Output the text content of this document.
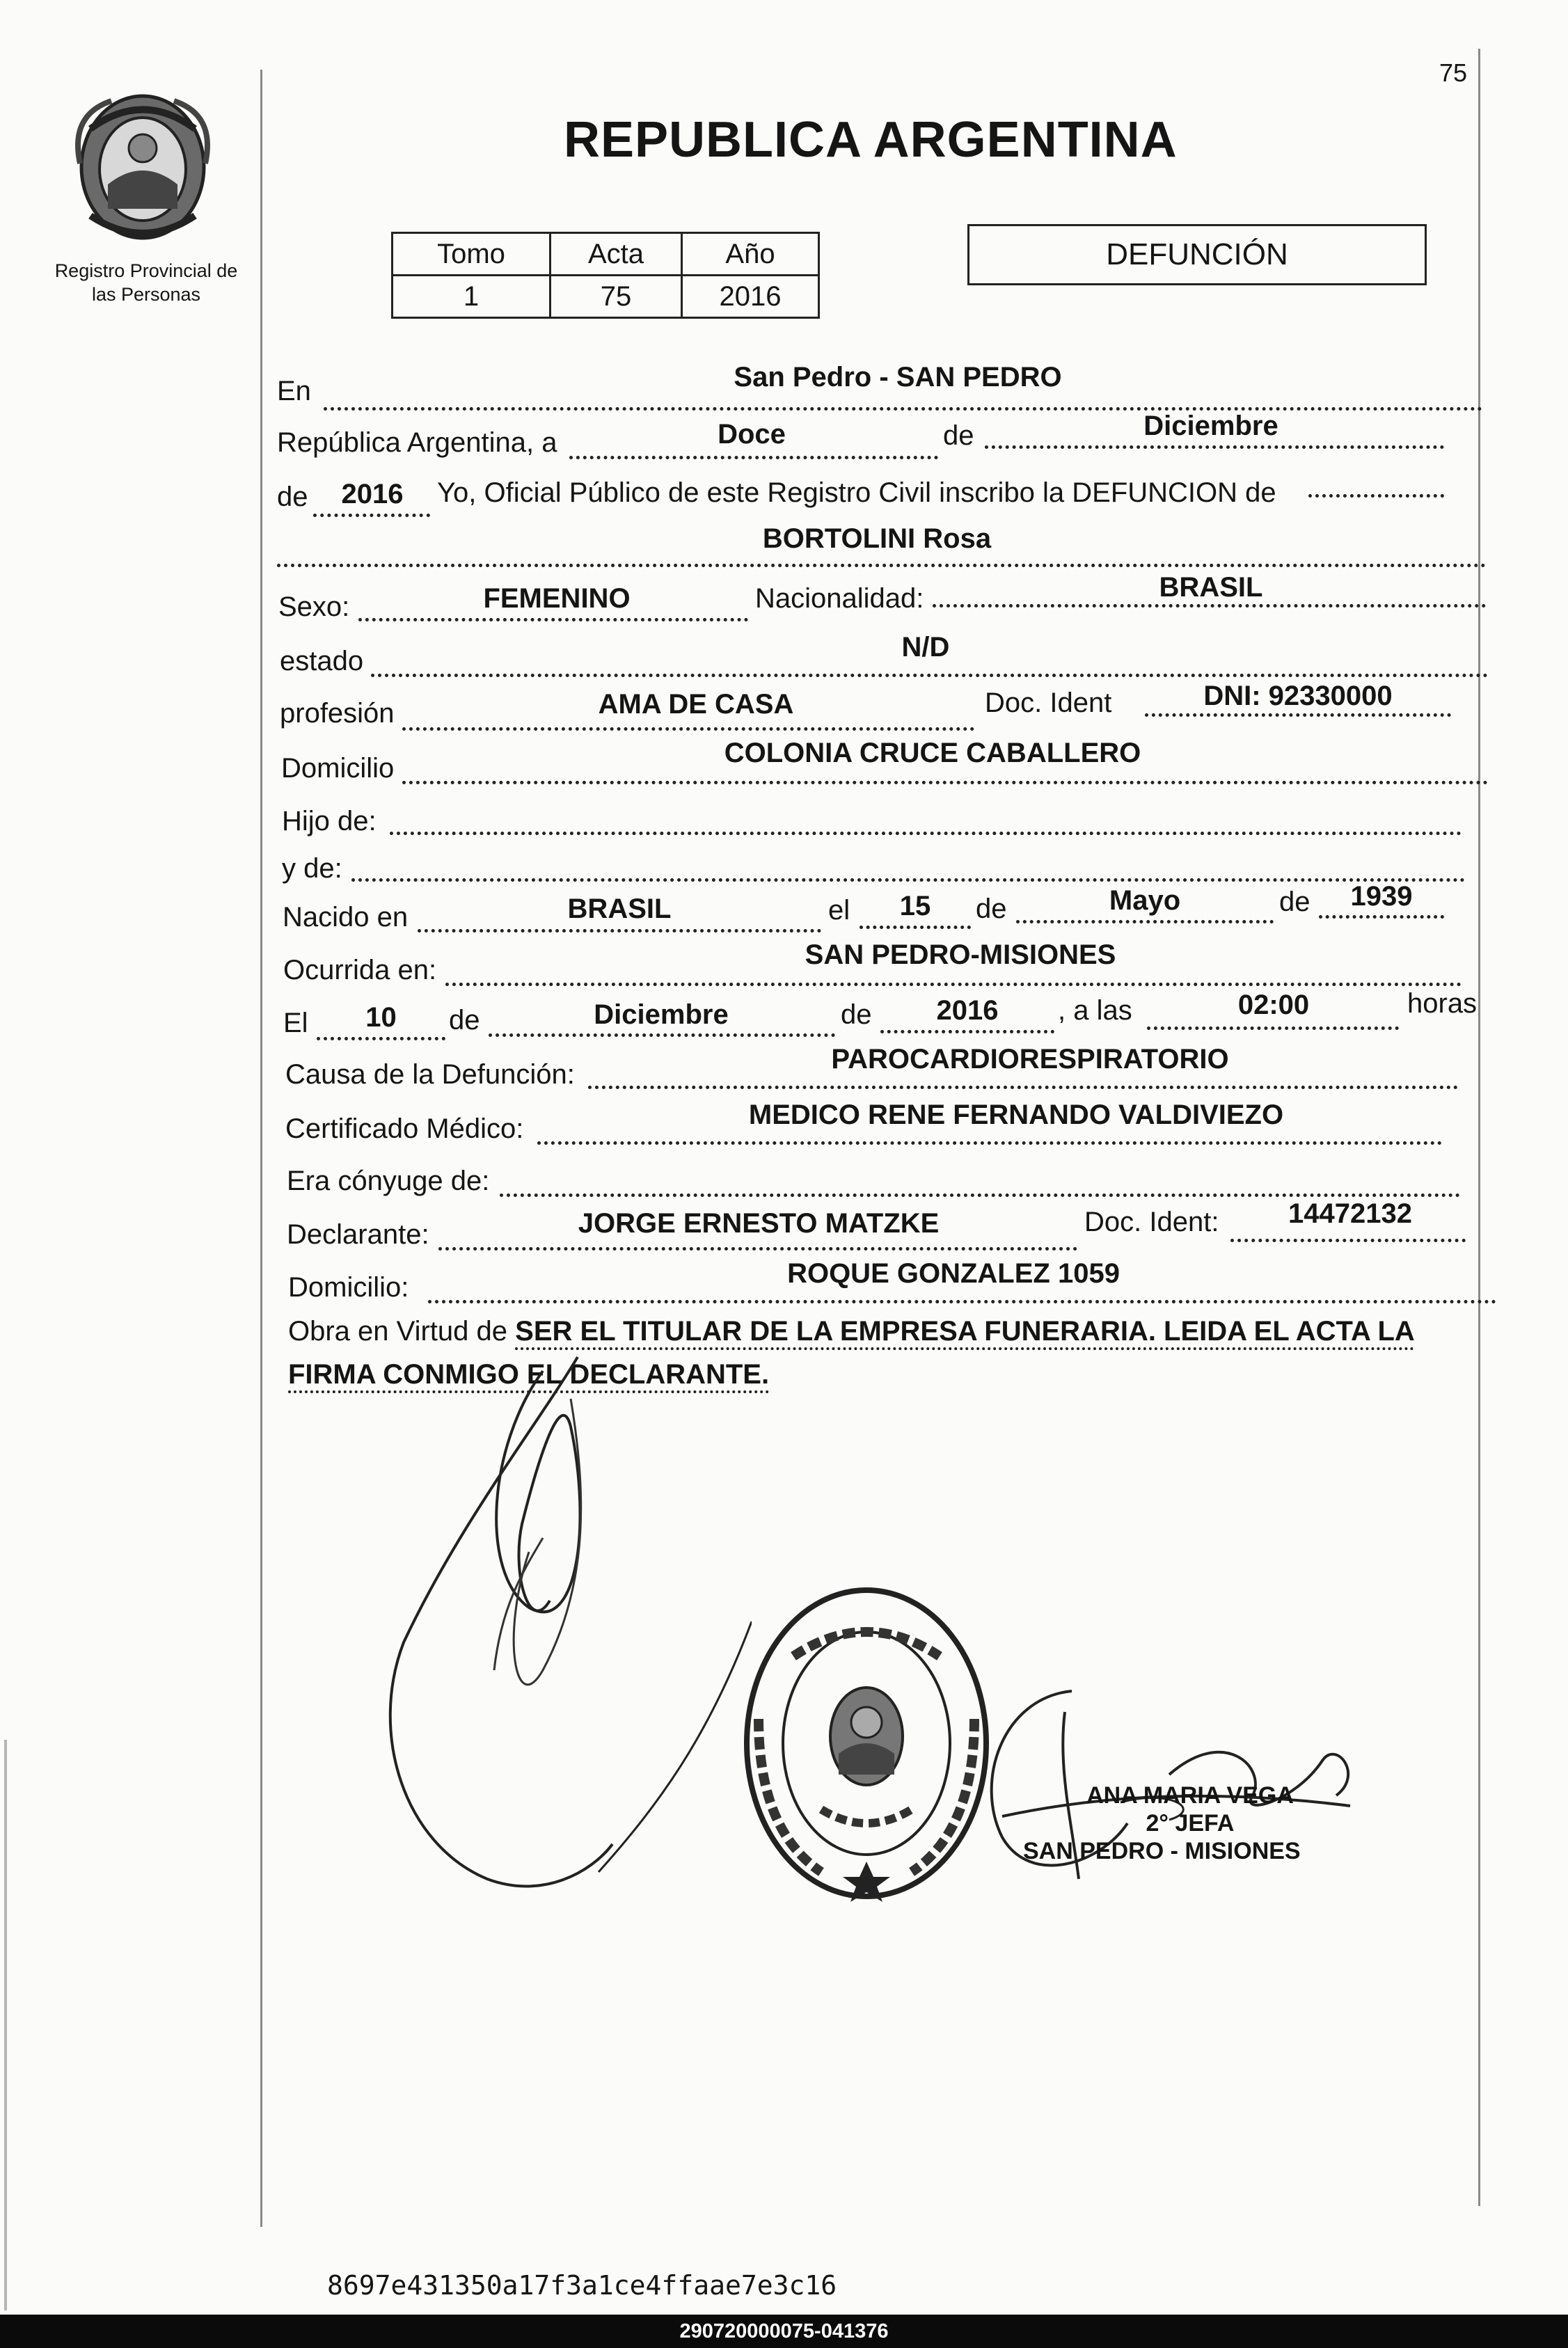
75
Registro Provincial de
las Personas
REPUBLICA ARGENTINA
Tomo	Acta	Año
1	75	2016
DEFUNCIÓN
En	San Pedro - SAN PEDRO
República Argentina, a	Doce	de	Diciembre
de	2016	Yo, Oficial Público de este Registro Civil inscribo la DEFUNCION de
BORTOLINI Rosa
Sexo:	FEMENINO	Nacionalidad:	BRASIL
estado	N/D
profesión	AMA DE CASA	Doc. Ident	DNI: 92330000
Domicilio	COLONIA CRUCE CABALLERO
Hijo de:
y de:
Nacido en	BRASIL	el	15	de	Mayo	de	1939
Ocurrida en:	SAN PEDRO-MISIONES
El	10	de	Diciembre	de	2016	, a las	02:00	horas
Causa de la Defunción:	PAROCARDIORESPIRATORIO
Certificado Médico:	MEDICO RENE FERNANDO VALDIVIEZO
Era cónyuge de:
Declarante:	JORGE ERNESTO MATZKE	Doc. Ident:	14472132
Domicilio:	ROQUE GONZALEZ 1059
Obra en Virtud de SER EL TITULAR DE LA EMPRESA FUNERARIA. LEIDA EL ACTA LA FIRMA CONMIGO EL DECLARANTE.
ANA MARIA VEGA
2° JEFA
SAN PEDRO - MISIONES
8697e431350a17f3a1ce4ffaae7e3c16
290720000075-041376
